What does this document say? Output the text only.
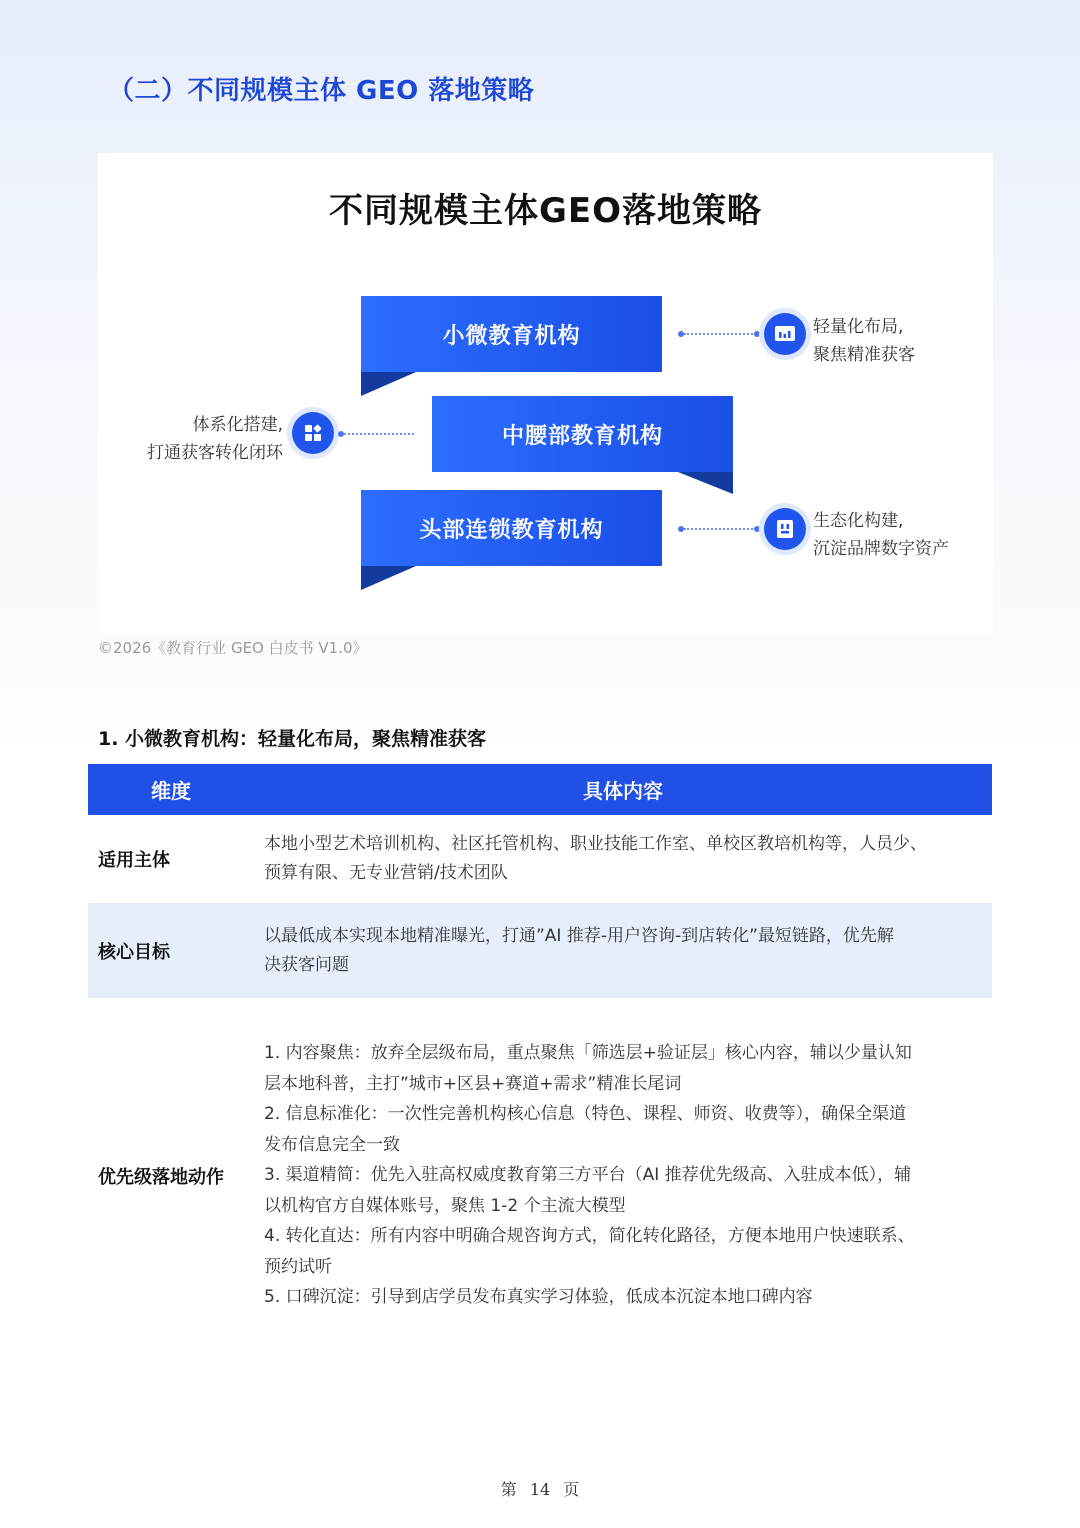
（二）不同规模主体 GEO 落地策略
不同规模主体GEO落地策略
小微教育机构
中腰部教育机构
头部连锁教育机构
轻量化布局,
聚焦精准获客
体系化搭建,
打通获客转化闭环
生态化构建,
沉淀品牌数字资产
©2026《教育行业 GEO 白皮书 V1.0》
1. 小微教育机构：轻量化布局，聚焦精准获客
维度	具体内容
适用主体
本地小型艺术培训机构、社区托管机构、职业技能工作室、单校区教培机构等，人员少、
预算有限、无专业营销/技术团队
核心目标
以最低成本实现本地精准曝光，打通”AI 推荐-用户咨询-到店转化”最短链路，优先解
决获客问题
优先级落地动作
1. 内容聚焦：放弃全层级布局，重点聚焦「筛选层+验证层」核心内容，辅以少量认知
层本地科普，主打”城市+区县+赛道+需求”精准长尾词
2. 信息标准化：一次性完善机构核心信息（特色、课程、师资、收费等），确保全渠道
发布信息完全一致
3. 渠道精简：优先入驻高权威度教育第三方平台（AI 推荐优先级高、入驻成本低），辅
以机构官方自媒体账号，聚焦 1-2 个主流大模型
4. 转化直达：所有内容中明确合规咨询方式，简化转化路径，方便本地用户快速联系、
预约试听
5. 口碑沉淀：引导到店学员发布真实学习体验，低成本沉淀本地口碑内容
第 14 页
